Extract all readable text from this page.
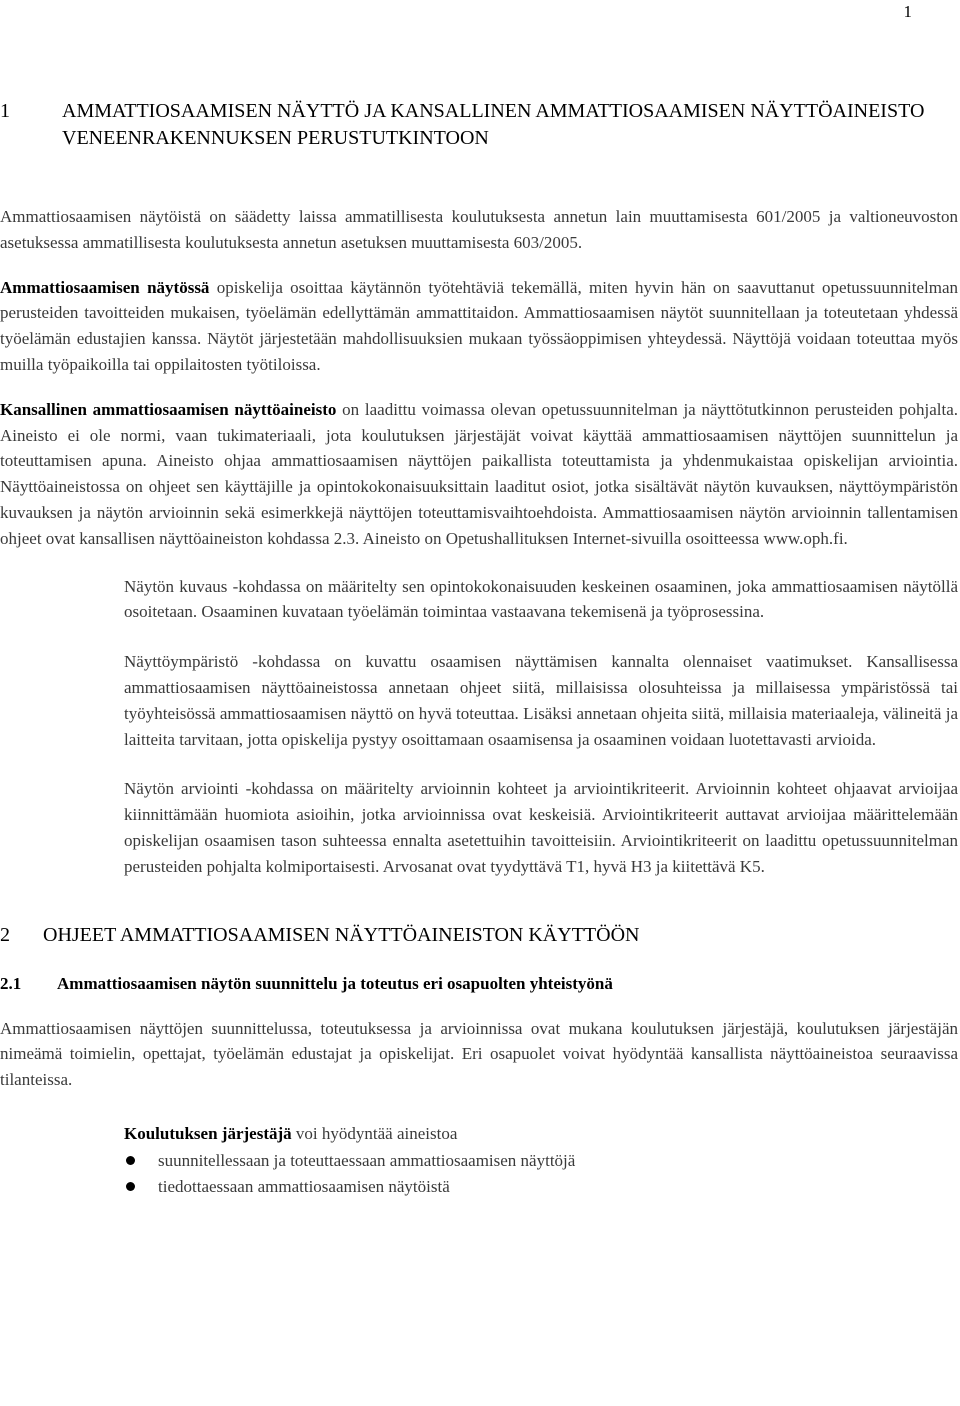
1
1	AMMATTIOSAAMISEN NÄYTTÖ JA KANSALLINEN AMMATTIOSAAMISEN NÄYTTÖAINEISTO VENEENRAKENNUKSEN PERUSTUTKINTOON

Ammattiosaamisen näytöistä on säädetty laissa ammatillisesta koulutuksesta annetun lain muuttamisesta 601/2005 ja valtioneuvoston asetuksessa ammatillisesta koulutuksesta annetun asetuksen muuttamisesta 603/2005.

Ammattiosaamisen näytössä opiskelija osoittaa käytännön työtehtäviä tekemällä, miten hyvin hän on saavuttanut opetussuunnitelman perusteiden tavoitteiden mukaisen, työelämän edellyttämän ammattitaidon. Ammattiosaamisen näytöt suunnitellaan ja toteutetaan yhdessä työelämän edustajien kanssa. Näytöt järjestetään mahdollisuuksien mukaan työssäoppimisen yhteydessä. Näyttöjä voidaan toteuttaa myös muilla työpaikoilla tai oppilaitosten työtiloissa.

Kansallinen ammattiosaamisen näyttöaineisto on laadittu voimassa olevan opetussuunnitelman ja näyttötutkinnon perusteiden pohjalta. Aineisto ei ole normi, vaan tukimateriaali, jota koulutuksen järjestäjät voivat käyttää ammattiosaamisen näyttöjen suunnittelun ja toteuttamisen apuna. Aineisto ohjaa ammattiosaamisen näyttöjen paikallista toteuttamista ja yhdenmukaistaa opiskelijan arviointia. Näyttöaineistossa on ohjeet sen käyttäjille ja opintokokonaisuuksittain laaditut osiot, jotka sisältävät näytön kuvauksen, näyttöympäristön kuvauksen ja näytön arvioinnin sekä esimerkkejä näyttöjen toteuttamisvaihtoehdoista. Ammattiosaamisen näytön arvioinnin tallentamisen ohjeet ovat kansallisen näyttöaineiston kohdassa 2.3. Aineisto on Opetushallituksen Internet-sivuilla osoitteessa www.oph.fi.

Näytön kuvaus -kohdassa on määritelty sen opintokokonaisuuden keskeinen osaaminen, joka ammattiosaamisen näytöllä osoitetaan. Osaaminen kuvataan työelämän toimintaa vastaavana tekemisenä ja työprosessina.

Näyttöympäristö -kohdassa on kuvattu osaamisen näyttämisen kannalta olennaiset vaatimukset. Kansallisessa ammattiosaamisen näyttöaineistossa annetaan ohjeet siitä, millaisissa olosuhteissa ja millaisessa ympäristössä tai työyhteisössä ammattiosaamisen näyttö on hyvä toteuttaa. Lisäksi annetaan ohjeita siitä, millaisia materiaaleja, välineitä ja laitteita tarvitaan, jotta opiskelija pystyy osoittamaan osaamisensa ja osaaminen voidaan luotettavasti arvioida.

Näytön arviointi -kohdassa on määritelty arvioinnin kohteet ja arviointikriteerit. Arvioinnin kohteet ohjaavat arvioijaa kiinnittämään huomiota asioihin, jotka arvioinnissa ovat keskeisiä. Arviointikriteerit auttavat arvioijaa määrittelemään opiskelijan osaamisen tason suhteessa ennalta asetettuihin tavoitteisiin. Arviointikriteerit on laadittu opetussuunnitelman perusteiden pohjalta kolmiportaisesti. Arvosanat ovat tyydyttävä T1, hyvä H3 ja kiitettävä K5.

2	OHJEET AMMATTIOSAAMISEN NÄYTTÖAINEISTON KÄYTTÖÖN
2.1	Ammattiosaamisen näytön suunnittelu ja toteutus eri osapuolten yhteistyönä

Ammattiosaamisen näyttöjen suunnittelussa, toteutuksessa ja arvioinnissa ovat mukana koulutuksen järjestäjä, koulutuksen järjestäjän nimeämä toimielin, opettajat, työelämän edustajat ja opiskelijat. Eri osapuolet voivat hyödyntää kansallista näyttöaineistoa seuraavissa tilanteissa.

Koulutuksen järjestäjä voi hyödyntää aineistoa

suunnitellessaan ja toteuttaessaan ammattiosaamisen näyttöjä
tiedottaessaan ammattiosaamisen näytöistä
